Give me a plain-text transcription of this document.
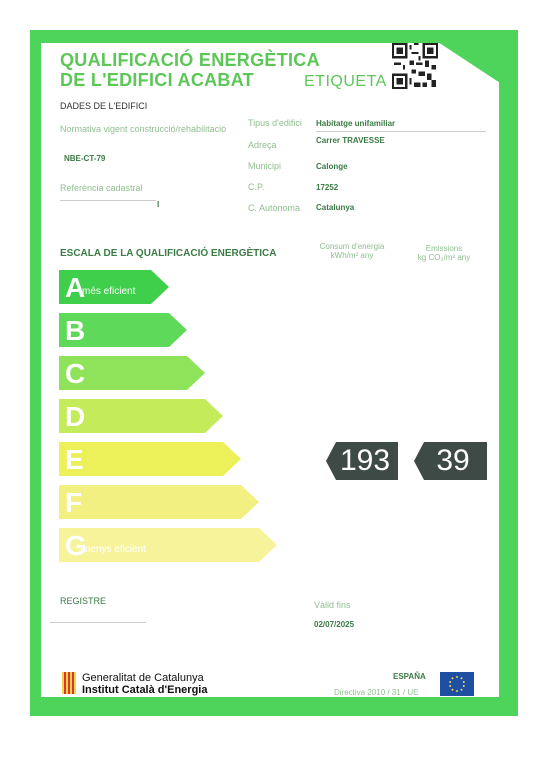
QUALIFICACIÓ ENERGÈTICA
DE L'EDIFICI ACABAT	ETIQUETA
DADES DE L'EDIFICI
Normativa vigent construcció/rehabilitació
NBE-CT-79
Referència cadastral
I
Tipus d'edifici Habitatge unifamiliar
Adreça	Carrer TRAVESSE
Municipi	Calonge
C.P.	17252
C. Autònoma Catalunya
ESCALA DE LA QUALIFICACIÓ ENERGÈTICA
Consum d'energia
kWh/m² any
Emissions
kg CO₂/m² any
A
més eficient
B
C
D
E
F
G
menys eficient
193	39
REGISTRE	Vàlid fins
02/07/2025
Generalitat de Catalunya
Institut Català d'Energia
ESPAÑA
Directiva 2010 / 31 / UE
